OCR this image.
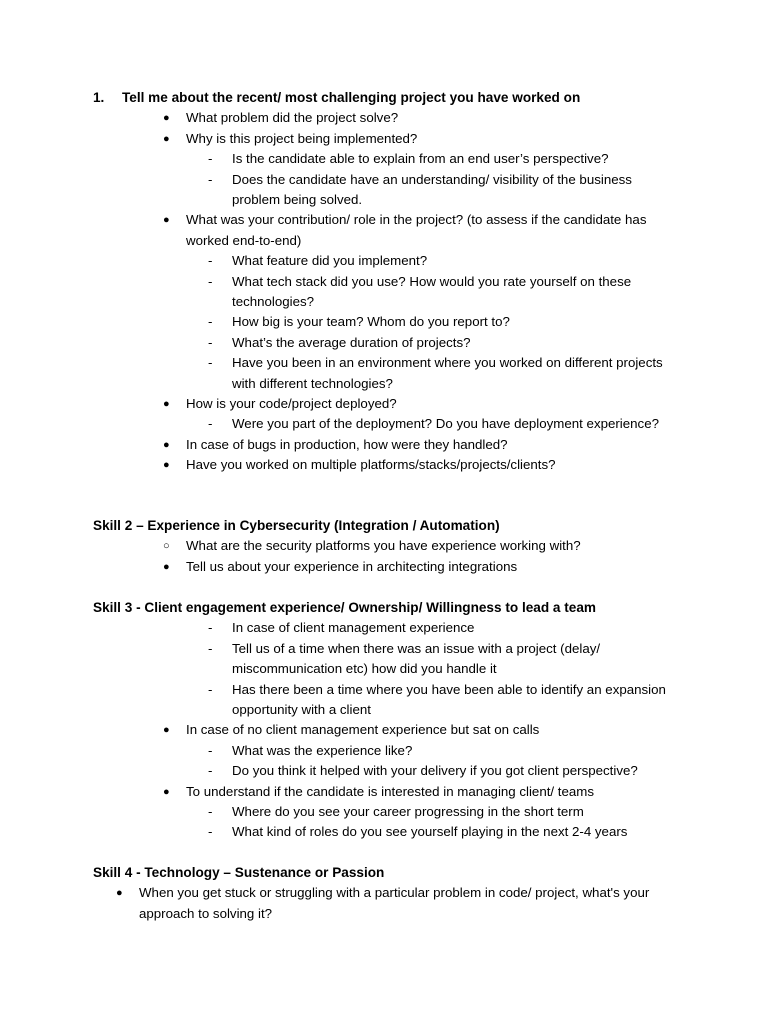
1. Tell me about the recent/ most challenging project you have worked on
● What problem did the project solve?
● Why is this project being implemented?
- Is the candidate able to explain from an end user’s perspective?
- Does the candidate have an understanding/ visibility of the business problem being solved.
● What was your contribution/ role in the project? (to assess if the candidate has worked end-to-end)
- What feature did you implement?
- What tech stack did you use? How would you rate yourself on these technologies?
- How big is your team? Whom do you report to?
- What’s the average duration of projects?
- Have you been in an environment where you worked on different projects with different technologies?
● How is your code/project deployed?
- Were you part of the deployment? Do you have deployment experience?
● In case of bugs in production, how were they handled?
● Have you worked on multiple platforms/stacks/projects/clients?
Skill 2 – Experience in Cybersecurity (Integration / Automation)
○ What are the security platforms you have experience working with?
● Tell us about your experience in architecting integrations
Skill 3 - Client engagement experience/ Ownership/ Willingness to lead a team
- In case of client management experience
- Tell us of a time when there was an issue with a project (delay/ miscommunication etc) how did you handle it
- Has there been a time where you have been able to identify an expansion opportunity with a client
● In case of no client management experience but sat on calls
- What was the experience like?
- Do you think it helped with your delivery if you got client perspective?
● To understand if the candidate is interested in managing client/ teams
- Where do you see your career progressing in the short term
- What kind of roles do you see yourself playing in the next 2-4 years
Skill 4 - Technology – Sustenance or Passion
● When you get stuck or struggling with a particular problem in code/ project, what's your approach to solving it?
